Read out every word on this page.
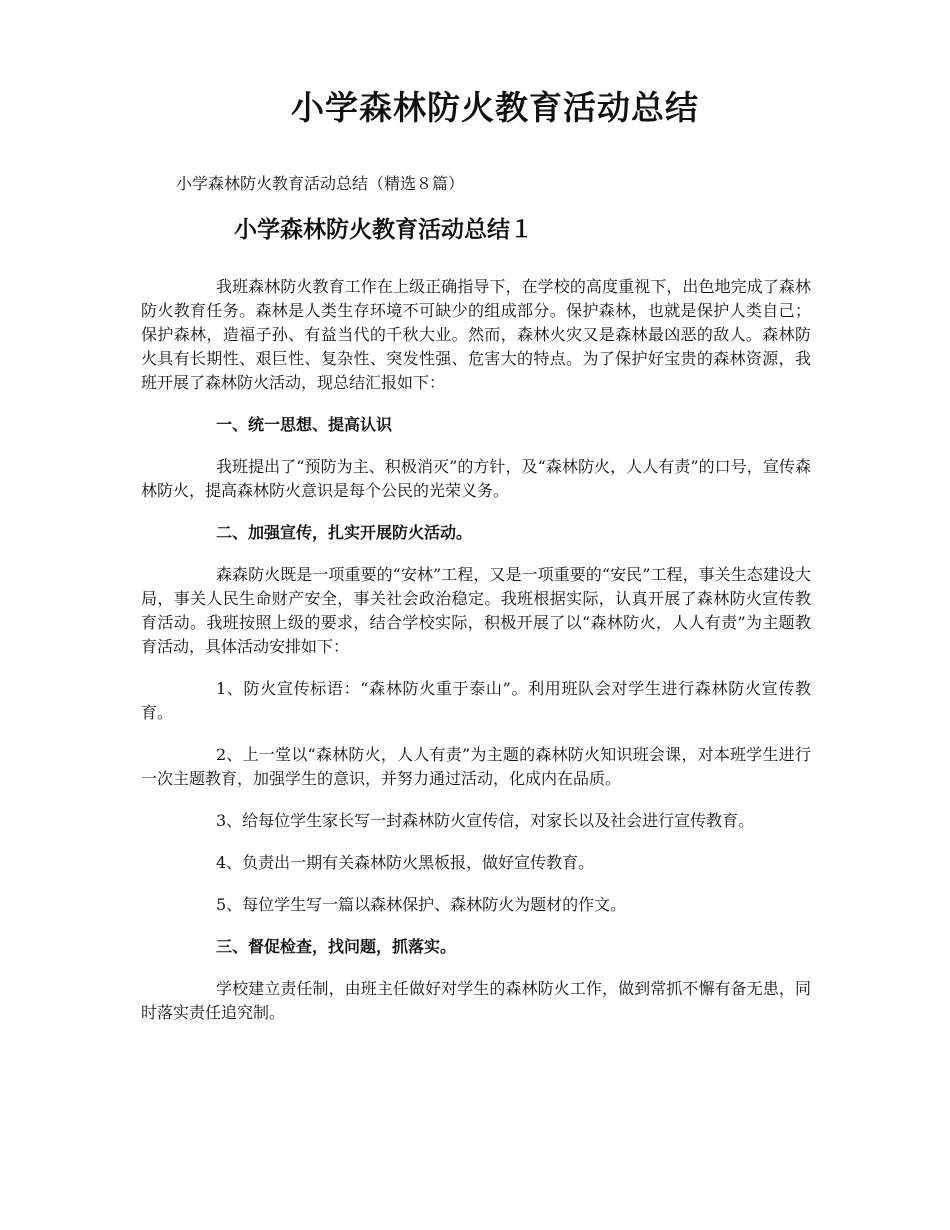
小学森林防火教育活动总结
小学森林防火教育活动总结（精选８篇）
小学森林防火教育活动总结１

我班森林防火教育工作在上级正确指导下，在学校的高度重视下，出色地完成了森林防火教育任务。森林是人类生存环境不可缺少的组成部分。保护森林，也就是保护人类自己；保护森林，造福子孙、有益当代的千秋大业。然而，森林火灾又是森林最凶恶的敌人。森林防火具有长期性、艰巨性、复杂性、突发性强、危害大的特点。为了保护好宝贵的森林资源，我班开展了森林防火活动，现总结汇报如下：

一、统一思想、提高认识

我班提出了“预防为主、积极消灭”的方针，及“森林防火，人人有责”的口号，宣传森林防火，提高森林防火意识是每个公民的光荣义务。

二、加强宣传，扎实开展防火活动。

森森防火既是一项重要的“安林”工程，又是一项重要的“安民”工程，事关生态建设大局，事关人民生命财产安全，事关社会政治稳定。我班根据实际，认真开展了森林防火宣传教育活动。我班按照上级的要求，结合学校实际，积极开展了以“森林防火，人人有责”为主题教育活动，具体活动安排如下：

1、防火宣传标语：“森林防火重于泰山”。利用班队会对学生进行森林防火宣传教育。

2、上一堂以“森林防火，人人有责”为主题的森林防火知识班会课，对本班学生进行一次主题教育，加强学生的意识，并努力通过活动，化成内在品质。

3、给每位学生家长写一封森林防火宣传信，对家长以及社会进行宣传教育。

4、负责出一期有关森林防火黑板报，做好宣传教育。

5、每位学生写一篇以森林保护、森林防火为题材的作文。

三、督促检查，找问题，抓落实。

学校建立责任制，由班主任做好对学生的森林防火工作，做到常抓不懈有备无患，同时落实责任追究制。
